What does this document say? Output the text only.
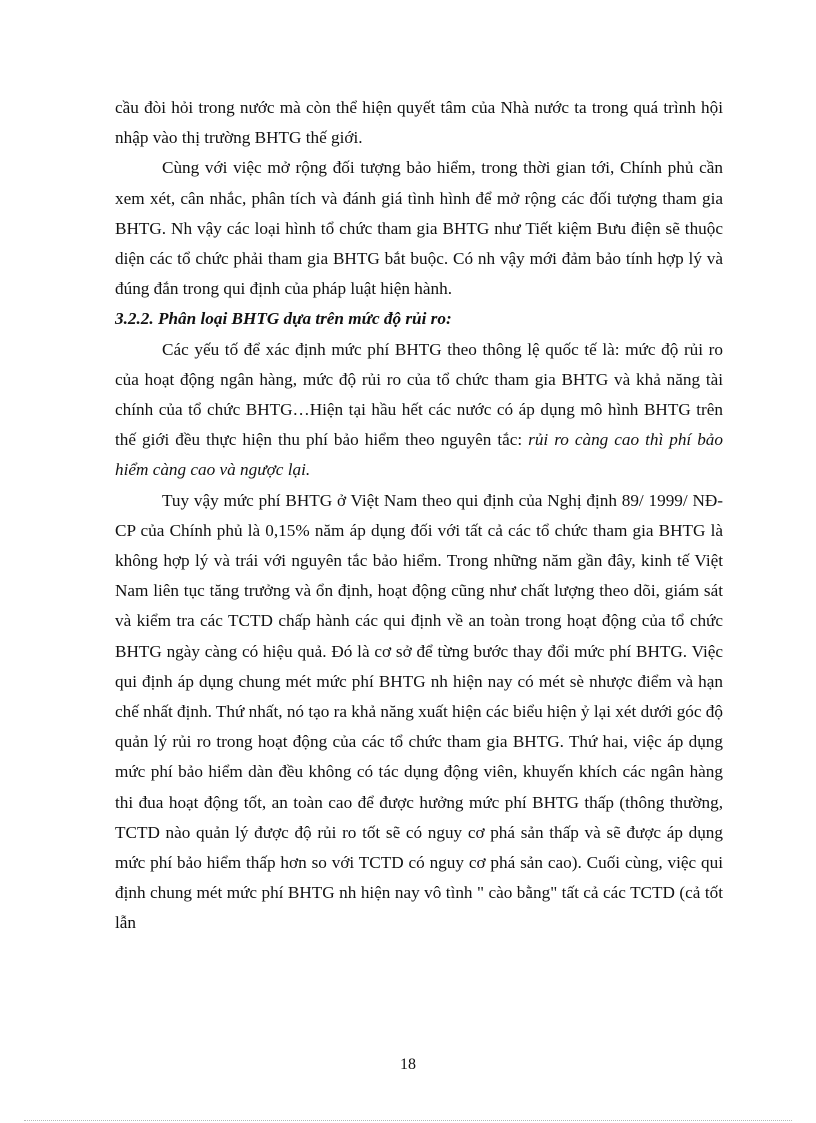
cầu đòi hỏi trong nước mà còn thể hiện quyết tâm của Nhà nước ta trong quá trình hội nhập vào thị trường BHTG thế giới.

Cùng với việc mở rộng đối tượng bảo hiểm, trong thời gian tới, Chính phủ cần xem xét, cân nhắc, phân tích và đánh giá tình hình để mở rộng các đối tượng tham gia BHTG. Nh vậy các loại hình tổ chức tham gia BHTG như Tiết kiệm Bưu điện sẽ thuộc diện các tổ chức phải tham gia BHTG bắt buộc. Có nh vậy mới đảm bảo tính hợp lý và đúng đắn trong qui định của pháp luật hiện hành.

3.2.2. Phân loại BHTG dựa trên mức độ rủi ro:

Các yếu tố để xác định mức phí BHTG theo thông lệ quốc tế là: mức độ rủi ro của hoạt động ngân hàng, mức độ rủi ro của tổ chức tham gia BHTG và khả năng tài chính của tổ chức BHTG…Hiện tại hầu hết các nước có áp dụng mô hình BHTG trên thế giới đều thực hiện thu phí bảo hiểm theo nguyên tắc: rủi ro càng cao thì phí bảo hiểm càng cao và ngược lại.

Tuy vậy mức phí BHTG ở Việt Nam theo qui định của Nghị định 89/ 1999/ NĐ-CP của Chính phủ là 0,15% năm áp dụng đối với tất cả các tổ chức tham gia BHTG là không hợp lý và trái với nguyên tắc bảo hiểm. Trong những năm gần đây, kinh tế Việt Nam liên tục tăng trưởng và ổn định, hoạt động cũng như chất lượng theo dõi, giám sát và kiểm tra các TCTD chấp hành các qui định về an toàn trong hoạt động của tổ chức BHTG ngày càng có hiệu quả. Đó là cơ sở để từng bước thay đổi mức phí BHTG. Việc qui định áp dụng chung mét mức phí BHTG nh hiện nay có mét sè nhược điểm và hạn chế nhất định. Thứ nhất, nó tạo ra khả năng xuất hiện các biểu hiện ỷ lại xét dưới góc độ quản lý rủi ro trong hoạt động của các tổ chức tham gia BHTG. Thứ hai, việc áp dụng mức phí bảo hiểm dàn đều không có tác dụng động viên, khuyến khích các ngân hàng thi đua hoạt động tốt, an toàn cao để được hưởng mức phí BHTG thấp (thông thường, TCTD nào quản lý được độ rủi ro tốt sẽ có nguy cơ phá sản thấp và sẽ được áp dụng mức phí bảo hiểm thấp hơn so với TCTD có nguy cơ phá sản cao). Cuối cùng, việc qui định chung mét mức phí BHTG nh hiện nay vô tình " cào bằng" tất cả các TCTD (cả tốt lẫn

18
